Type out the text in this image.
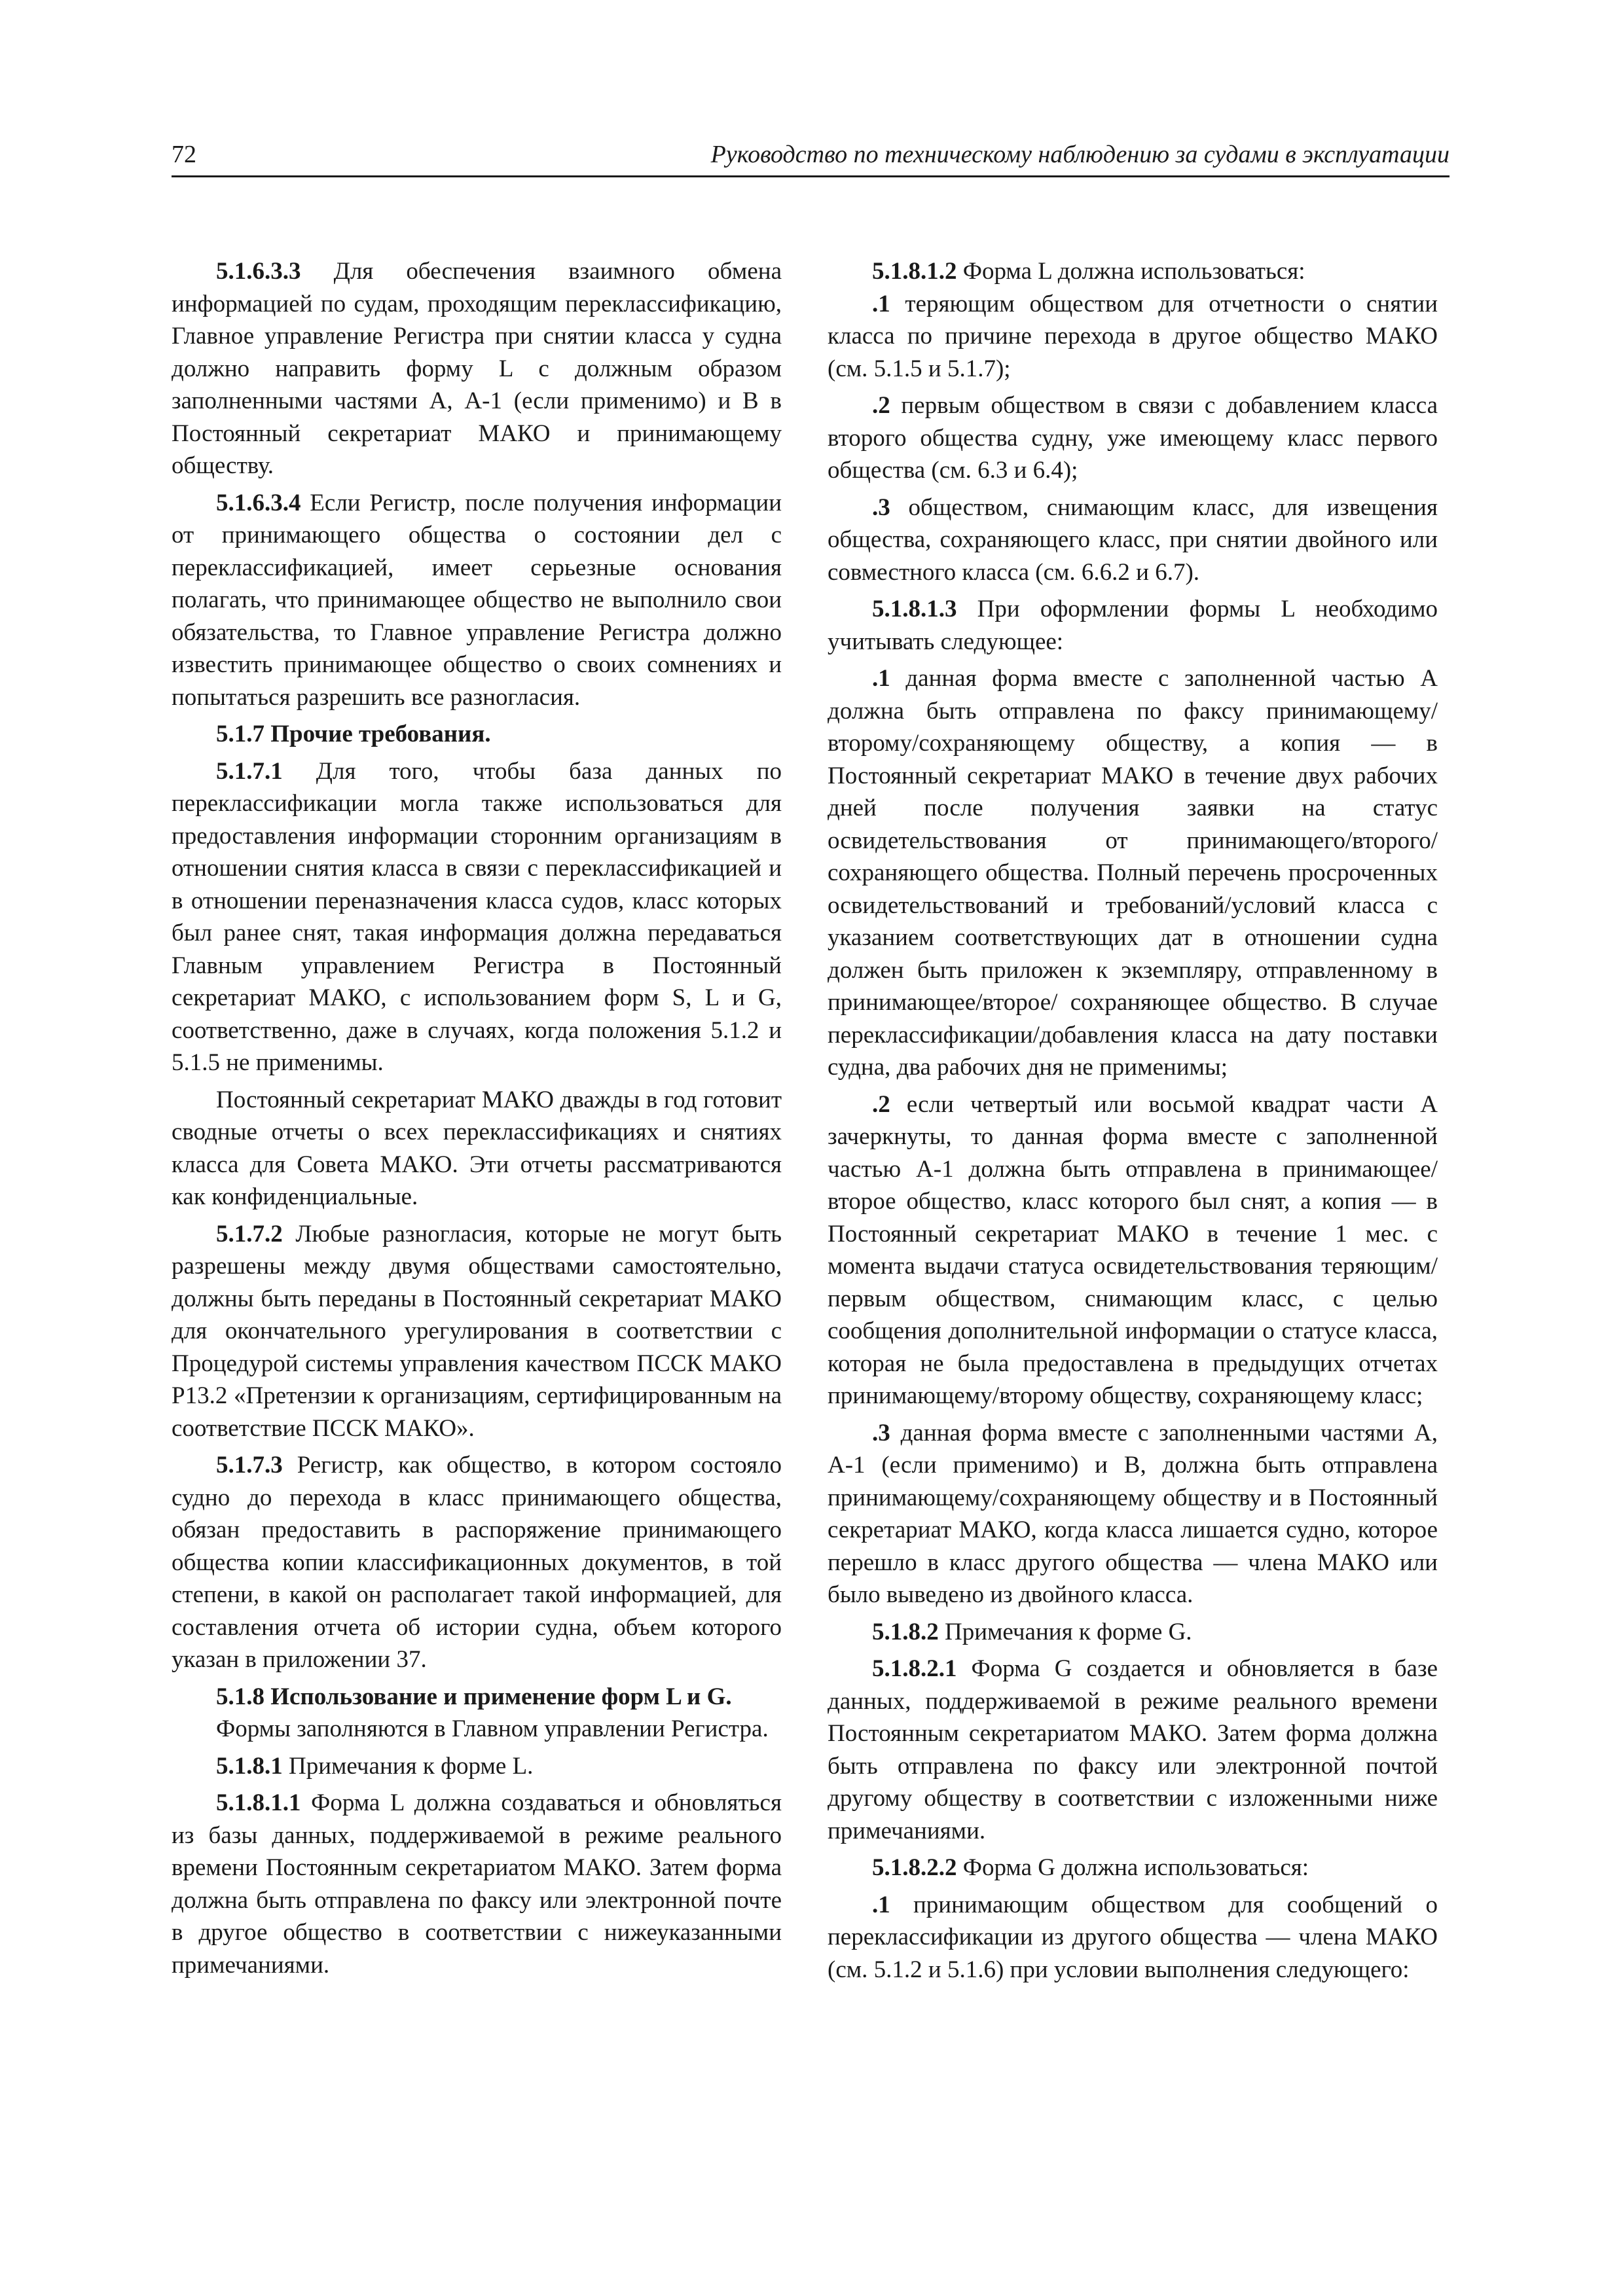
72	Руководство по техническому наблюдению за судами в эксплуатации

5.1.6.3.3 Для обеспечения взаимного обмена информацией по судам, проходящим переклассификацию, Главное управление Регистра при снятии класса у судна должно направить форму L с должным образом заполненными частями А, А-1 (если применимо) и В в Постоянный секретариат МАКО и принимающему обществу.

5.1.6.3.4 Если Регистр, после получения информации от принимающего общества о состоянии дел с переклассификацией, имеет серьезные основания полагать, что принимающее общество не выполнило свои обязательства, то Главное управление Регистра должно известить принимающее общество о своих сомнениях и попытаться разрешить все разногласия.

5.1.7 Прочие требования.

5.1.7.1 Для того, чтобы база данных по переклассификации могла также использоваться для предоставления информации сторонним организациям в отношении снятия класса в связи с переклассификацией и в отношении переназначения класса судов, класс которых был ранее снят, такая информация должна передаваться Главным управлением Регистра в Постоянный секретариат МАКО, с использованием форм S, L и G, соответственно, даже в случаях, когда положения 5.1.2 и 5.1.5 не применимы.

Постоянный секретариат МАКО дважды в год готовит сводные отчеты о всех переклассификациях и снятиях класса для Совета МАКО. Эти отчеты рассматриваются как конфиденциальные.

5.1.7.2 Любые разногласия, которые не могут быть разрешены между двумя обществами самостоятельно, должны быть переданы в Постоянный секретариат МАКО для окончательного урегулирования в соответствии с Процедурой системы управления качеством ПССК МАКО Р13.2 «Претензии к организациям, сертифицированным на соответствие ПССК МАКО».

5.1.7.3 Регистр, как общество, в котором состояло судно до перехода в класс принимающего общества, обязан предоставить в распоряжение принимающего общества копии классификационных документов, в той степени, в какой он располагает такой информацией, для составления отчета об истории судна, объем которого указан в приложении 37.

5.1.8 Использование и применение форм L и G.

Формы заполняются в Главном управлении Регистра.

5.1.8.1 Примечания к форме L.

5.1.8.1.1 Форма L должна создаваться и обновляться из базы данных, поддерживаемой в режиме реального времени Постоянным секретариатом МАКО. Затем форма должна быть отправлена по факсу или электронной почте в другое общество в соответствии с нижеуказанными примечаниями.

5.1.8.1.2 Форма L должна использоваться:

.1 теряющим обществом для отчетности о снятии класса по причине перехода в другое общество МАКО (см. 5.1.5 и 5.1.7);

.2 первым обществом в связи с добавлением класса второго общества судну, уже имеющему класс первого общества (см. 6.3 и 6.4);

.3 обществом, снимающим класс, для извещения общества, сохраняющего класс, при снятии двойного или совместного класса (см. 6.6.2 и 6.7).

5.1.8.1.3 При оформлении формы L необходимо учитывать следующее:

.1 данная форма вместе с заполненной частью А должна быть отправлена по факсу принимающему/ второму/сохраняющему обществу, а копия — в Постоянный секретариат МАКО в течение двух рабочих дней после получения заявки на статус освидетельствования от принимающего/второго/ сохраняющего общества. Полный перечень просроченных освидетельствований и требований/условий класса с указанием соответствующих дат в отношении судна должен быть приложен к экземпляру, отправленному в принимающее/второе/ сохраняющее общество. В случае переклассификации/добавления класса на дату поставки судна, два рабочих дня не применимы;

.2 если четвертый или восьмой квадрат части А зачеркнуты, то данная форма вместе с заполненной частью А-1 должна быть отправлена в принимающее/ второе общество, класс которого был снят, а копия — в Постоянный секретариат МАКО в течение 1 мес. с момента выдачи статуса освидетельствования теряющим/первым обществом, снимающим класс, с целью сообщения дополнительной информации о статусе класса, которая не была предоставлена в предыдущих отчетах принимающему/второму обществу, сохраняющему класс;

.3 данная форма вместе с заполненными частями А, А-1 (если применимо) и В, должна быть отправлена принимающему/сохраняющему обществу и в Постоянный секретариат МАКО, когда класса лишается судно, которое перешло в класс другого общества — члена МАКО или было выведено из двойного класса.

5.1.8.2 Примечания к форме G.

5.1.8.2.1 Форма G создается и обновляется в базе данных, поддерживаемой в режиме реального времени Постоянным секретариатом МАКО. Затем форма должна быть отправлена по факсу или электронной почтой другому обществу в соответствии с изложенными ниже примечаниями.

5.1.8.2.2 Форма G должна использоваться:

.1 принимающим обществом для сообщений о переклассификации из другого общества — члена МАКО (см. 5.1.2 и 5.1.6) при условии выполнения следующего:
